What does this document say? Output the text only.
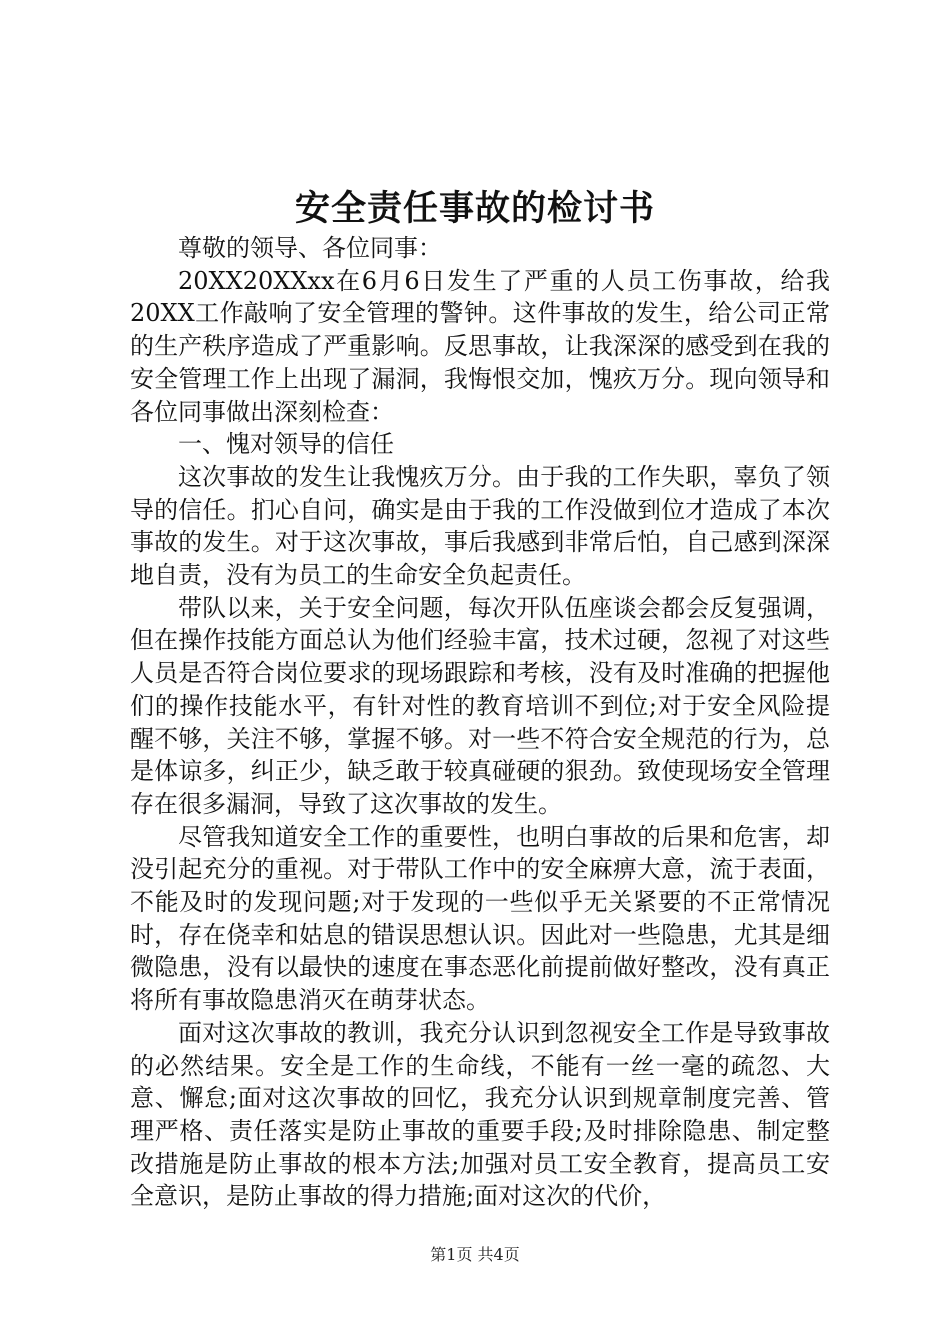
安全责任事故的检讨书

尊敬的领导、各位同事：

20XX20XXxx在6月6日发生了严重的人员工伤事故，给我20XX工作敲响了安全管理的警钟。这件事故的发生，给公司正常的生产秩序造成了严重影响。反思事故，让我深深的感受到在我的安全管理工作上出现了漏洞，我悔恨交加，愧疚万分。现向领导和各位同事做出深刻检查：

一、愧对领导的信任

这次事故的发生让我愧疚万分。由于我的工作失职，辜负了领导的信任。扪心自问，确实是由于我的工作没做到位才造成了本次事故的发生。对于这次事故，事后我感到非常后怕，自己感到深深地自责，没有为员工的生命安全负起责任。

带队以来，关于安全问题，每次开队伍座谈会都会反复强调，但在操作技能方面总认为他们经验丰富，技术过硬，忽视了对这些人员是否符合岗位要求的现场跟踪和考核，没有及时准确的把握他们的操作技能水平，有针对性的教育培训不到位;对于安全风险提醒不够，关注不够，掌握不够。对一些不符合安全规范的行为，总是体谅多，纠正少，缺乏敢于较真碰硬的狠劲。致使现场安全管理存在很多漏洞，导致了这次事故的发生。

尽管我知道安全工作的重要性，也明白事故的后果和危害，却没引起充分的重视。对于带队工作中的安全麻痹大意，流于表面，不能及时的发现问题;对于发现的一些似乎无关紧要的不正常情况时，存在侥幸和姑息的错误思想认识。因此对一些隐患，尤其是细微隐患，没有以最快的速度在事态恶化前提前做好整改，没有真正将所有事故隐患消灭在萌芽状态。

面对这次事故的教训，我充分认识到忽视安全工作是导致事故的必然结果。安全是工作的生命线，不能有一丝一毫的疏忽、大意、懈怠;面对这次事故的回忆，我充分认识到规章制度完善、管理严格、责任落实是防止事故的重要手段;及时排除隐患、制定整改措施是防止事故的根本方法;加强对员工安全教育，提高员工安全意识，是防止事故的得力措施;面对这次的代价，

第1页 共4页
